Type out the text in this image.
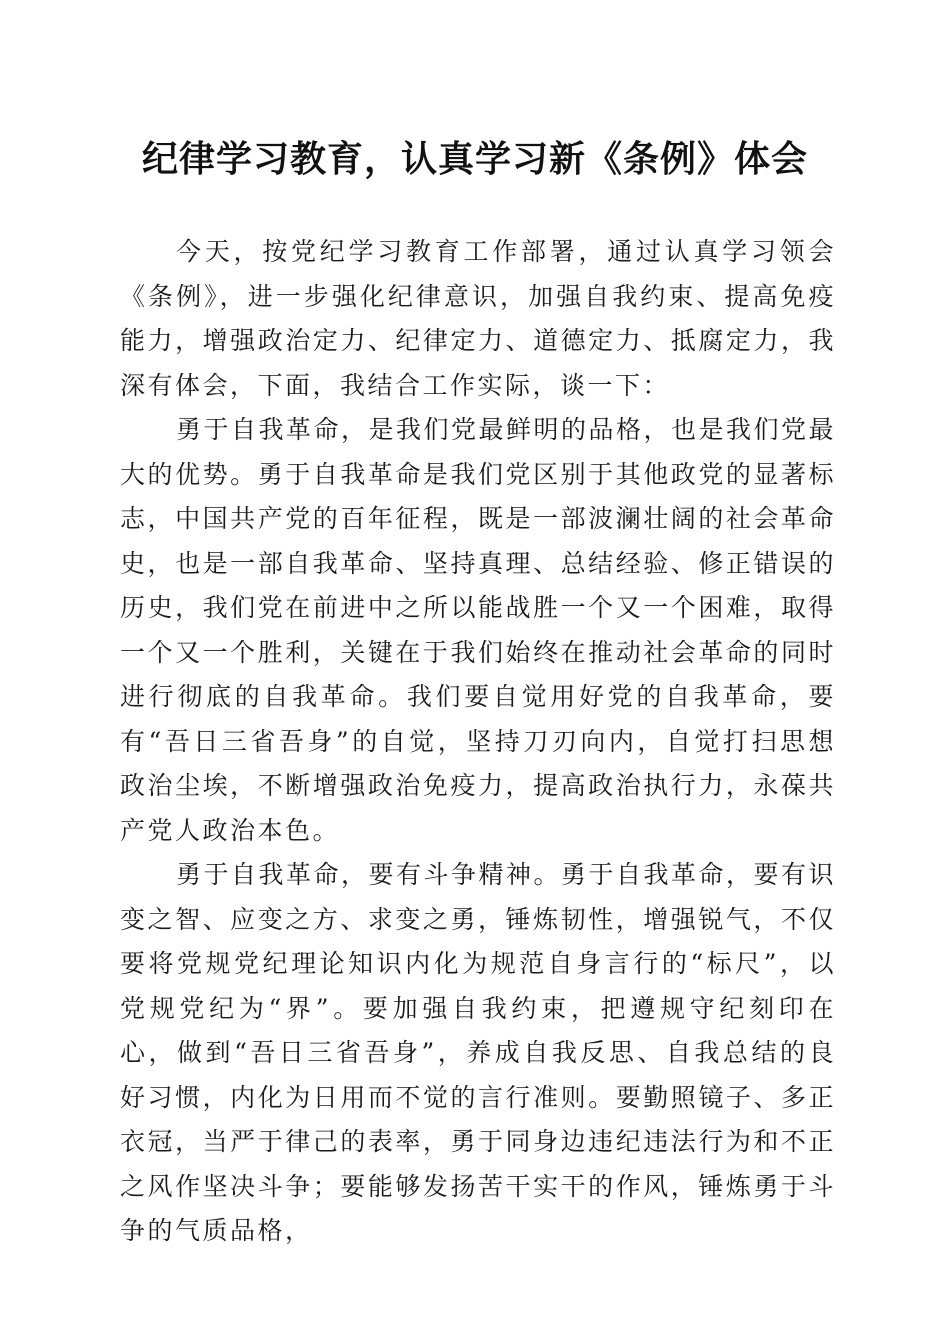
纪律学习教育，认真学习新《条例》体会

今天，按党纪学习教育工作部署，通过认真学习领会《条例》，进一步强化纪律意识，加强自我约束、提高免疫能力，增强政治定力、纪律定力、道德定力、抵腐定力，我深有体会，下面，我结合工作实际，谈一下：

勇于自我革命，是我们党最鲜明的品格，也是我们党最大的优势。勇于自我革命是我们党区别于其他政党的显著标志，中国共产党的百年征程，既是一部波澜壮阔的社会革命史，也是一部自我革命、坚持真理、总结经验、修正错误的历史，我们党在前进中之所以能战胜一个又一个困难，取得一个又一个胜利，关键在于我们始终在推动社会革命的同时进行彻底的自我革命。我们要自觉用好党的自我革命，要有“吾日三省吾身”的自觉，坚持刀刃向内，自觉打扫思想政治尘埃，不断增强政治免疫力，提高政治执行力，永葆共产党人政治本色。

勇于自我革命，要有斗争精神。勇于自我革命，要有识变之智、应变之方、求变之勇，锤炼韧性，增强锐气，不仅要将党规党纪理论知识内化为规范自身言行的“标尺”，以党规党纪为“界”。要加强自我约束，把遵规守纪刻印在心，做到“吾日三省吾身”，养成自我反思、自我总结的良好习惯，内化为日用而不觉的言行准则。要勤照镜子、多正衣冠，当严于律己的表率，勇于同身边违纪违法行为和不正之风作坚决斗争；要能够发扬苦干实干的作风，锤炼勇于斗争的气质品格，
